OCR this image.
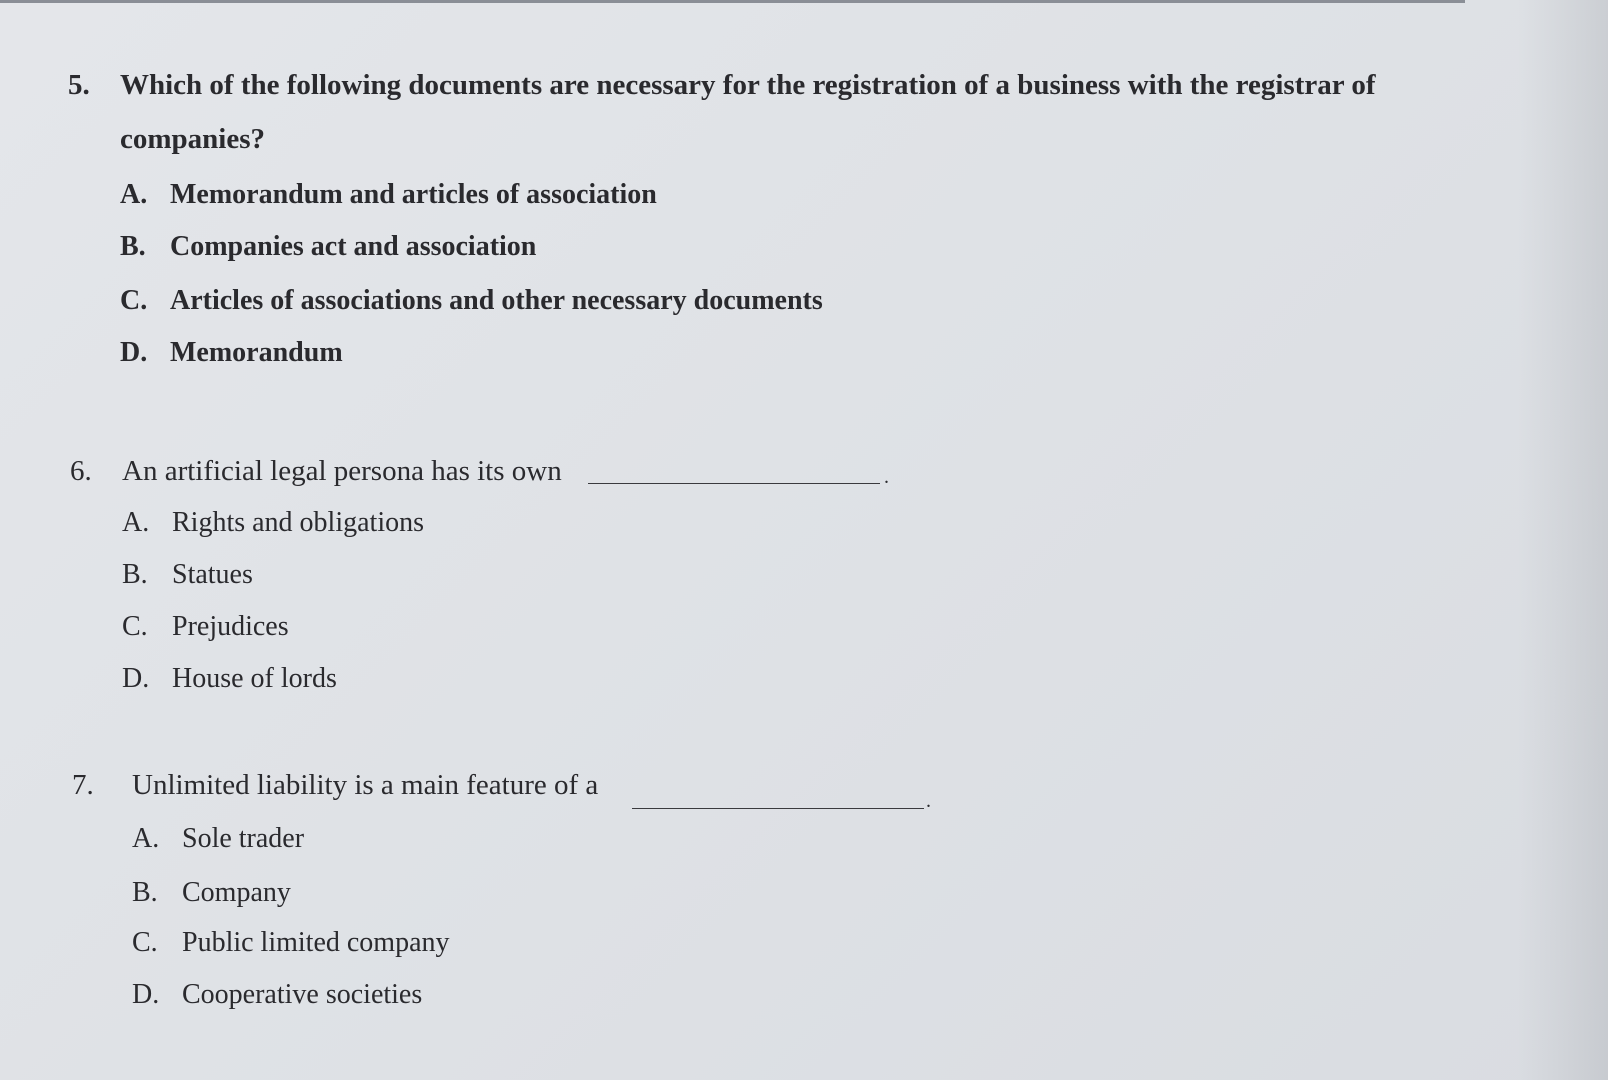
5. Which of the following documents are necessary for the registration of a business with the registrar of
companies?
A. Memorandum and articles of association
B. Companies act and association
C. Articles of associations and other necessary documents
D. Memorandum
6. An artificial legal persona has its own	.
A. Rights and obligations
B. Statues
C. Prejudices
D. House of lords
7. Unlimited liability is a main feature of a	.
A. Sole trader
B. Company
C. Public limited company
D. Cooperative societies
